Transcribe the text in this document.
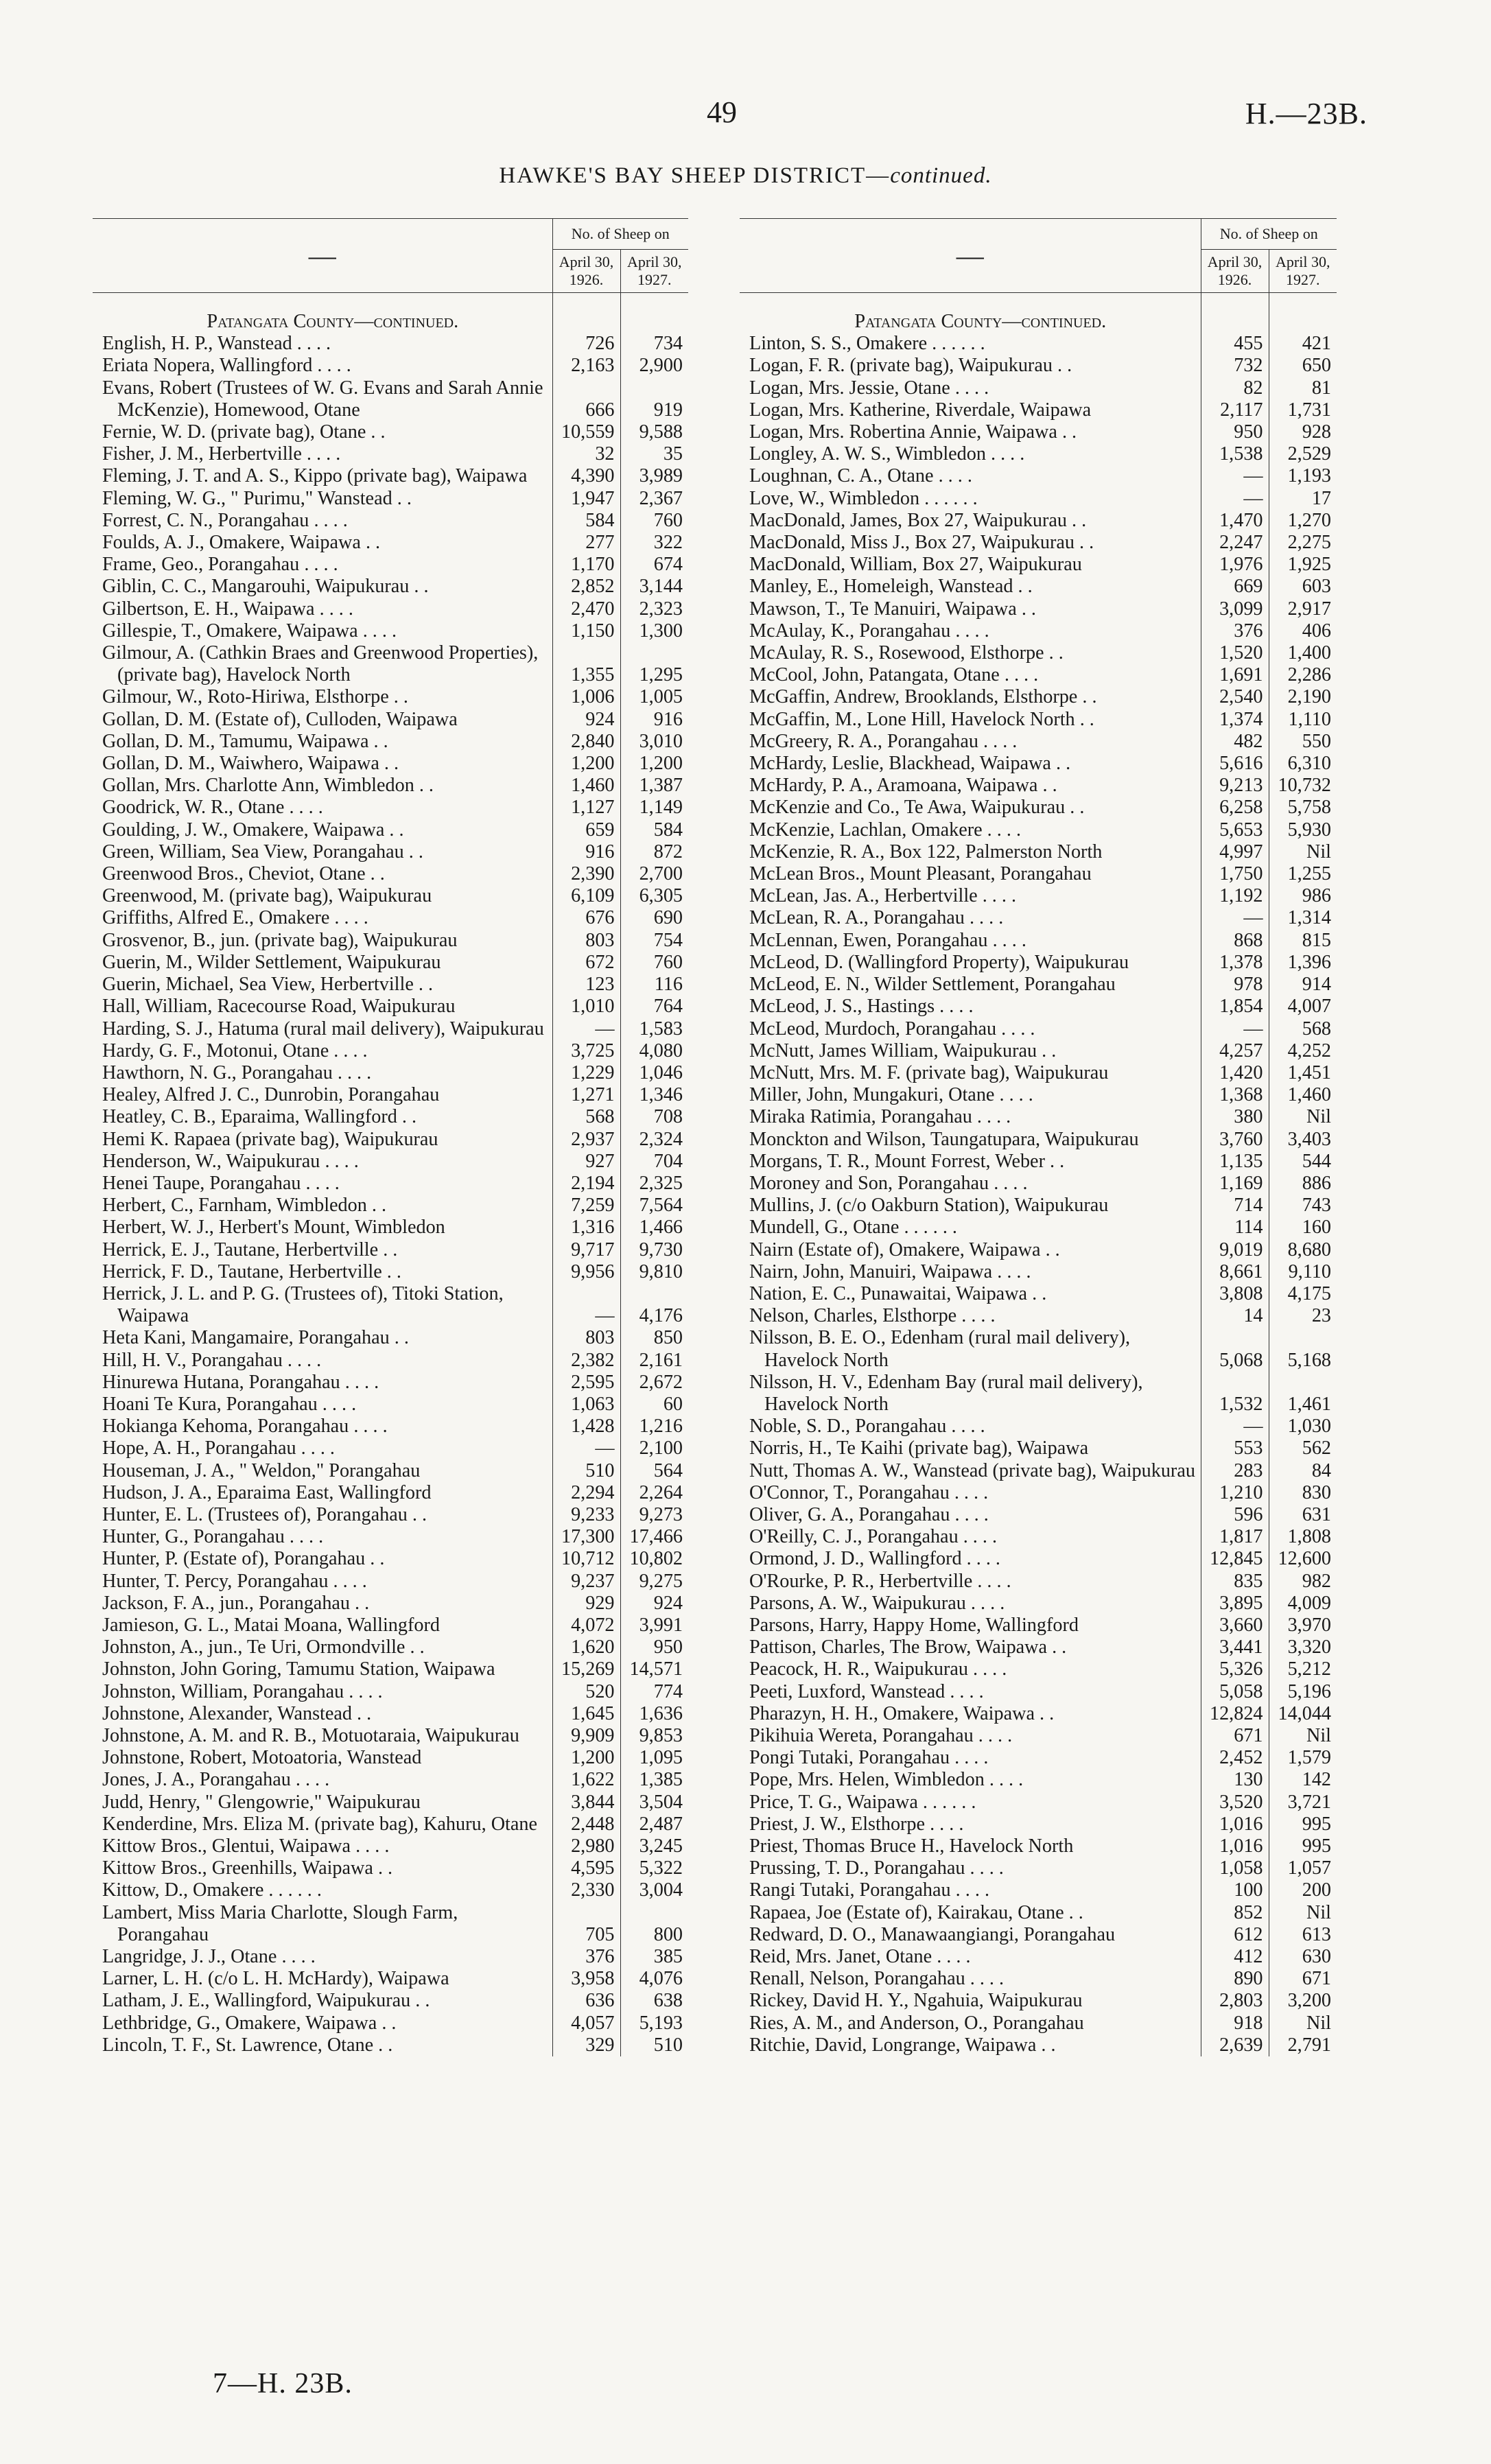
49	H.—23B.
HAWKE'S BAY SHEEP DISTRICT—continued.
—	No. of Sheep on	
	April 30, 1926.	April 30, 1927.

Patangata County—continued.		

English, H. P., Wanstead . . . .	726	734

Eriata Nopera, Wallingford . . . .	2,163	2,900

Evans, Robert (Trustees of W. G. Evans and Sarah Annie McKenzie), Homewood, Otane	666	919

Fernie, W. D. (private bag), Otane . .	10,559	9,588

Fisher, J. M., Herbertville . . . .	32	35

Fleming, J. T. and A. S., Kippo (private bag), Waipawa	4,390	3,989

Fleming, W. G., " Purimu," Wanstead . .	1,947	2,367

Forrest, C. N., Porangahau . . . .	584	760

Foulds, A. J., Omakere, Waipawa . .	277	322

Frame, Geo., Porangahau . . . .	1,170	674

Giblin, C. C., Mangarouhi, Waipukurau . .	2,852	3,144

Gilbertson, E. H., Waipawa . . . .	2,470	2,323

Gillespie, T., Omakere, Waipawa . . . .	1,150	1,300

Gilmour, A. (Cathkin Braes and Greenwood Properties), (private bag), Havelock North	1,355	1,295

Gilmour, W., Roto-Hiriwa, Elsthorpe . .	1,006	1,005

Gollan, D. M. (Estate of), Culloden, Waipawa	924	916

Gollan, D. M., Tamumu, Waipawa . .	2,840	3,010

Gollan, D. M., Waiwhero, Waipawa . .	1,200	1,200

Gollan, Mrs. Charlotte Ann, Wimbledon . .	1,460	1,387

Goodrick, W. R., Otane . . . .	1,127	1,149

Goulding, J. W., Omakere, Waipawa . .	659	584

Green, William, Sea View, Porangahau . .	916	872

Greenwood Bros., Cheviot, Otane . .	2,390	2,700

Greenwood, M. (private bag), Waipukurau	6,109	6,305

Griffiths, Alfred E., Omakere . . . .	676	690

Grosvenor, B., jun. (private bag), Waipukurau	803	754

Guerin, M., Wilder Settlement, Waipukurau	672	760

Guerin, Michael, Sea View, Herbertville . .	123	116

Hall, William, Racecourse Road, Waipukurau	1,010	764

Harding, S. J., Hatuma (rural mail delivery), Waipukurau	—	1,583

Hardy, G. F., Motonui, Otane . . . .	3,725	4,080

Hawthorn, N. G., Porangahau . . . .	1,229	1,046

Healey, Alfred J. C., Dunrobin, Porangahau	1,271	1,346

Heatley, C. B., Eparaima, Wallingford . .	568	708

Hemi K. Rapaea (private bag), Waipukurau	2,937	2,324

Henderson, W., Waipukurau . . . .	927	704

Henei Taupe, Porangahau . . . .	2,194	2,325

Herbert, C., Farnham, Wimbledon . .	7,259	7,564

Herbert, W. J., Herbert's Mount, Wimbledon	1,316	1,466

Herrick, E. J., Tautane, Herbertville . .	9,717	9,730

Herrick, F. D., Tautane, Herbertville . .	9,956	9,810

Herrick, J. L. and P. G. (Trustees of), Titoki Station, Waipawa	—	4,176

Heta Kani, Mangamaire, Porangahau . .	803	850

Hill, H. V., Porangahau . . . .	2,382	2,161

Hinurewa Hutana, Porangahau . . . .	2,595	2,672

Hoani Te Kura, Porangahau . . . .	1,063	60

Hokianga Kehoma, Porangahau . . . .	1,428	1,216

Hope, A. H., Porangahau . . . .	—	2,100

Houseman, J. A., " Weldon," Porangahau	510	564

Hudson, J. A., Eparaima East, Wallingford	2,294	2,264

Hunter, E. L. (Trustees of), Porangahau . .	9,233	9,273

Hunter, G., Porangahau . . . .	17,300	17,466

Hunter, P. (Estate of), Porangahau . .	10,712	10,802

Hunter, T. Percy, Porangahau . . . .	9,237	9,275

Jackson, F. A., jun., Porangahau . .	929	924

Jamieson, G. L., Matai Moana, Wallingford	4,072	3,991

Johnston, A., jun., Te Uri, Ormondville . .	1,620	950

Johnston, John Goring, Tamumu Station, Waipawa	15,269	14,571

Johnston, William, Porangahau . . . .	520	774

Johnstone, Alexander, Wanstead . .	1,645	1,636

Johnstone, A. M. and R. B., Motuotaraia, Waipukurau	9,909	9,853

Johnstone, Robert, Motoatoria, Wanstead	1,200	1,095

Jones, J. A., Porangahau . . . .	1,622	1,385

Judd, Henry, " Glengowrie," Waipukurau	3,844	3,504

Kenderdine, Mrs. Eliza M. (private bag), Kahuru, Otane	2,448	2,487

Kittow Bros., Glentui, Waipawa . . . .	2,980	3,245

Kittow Bros., Greenhills, Waipawa . .	4,595	5,322

Kittow, D., Omakere . . . . . .	2,330	3,004

Lambert, Miss Maria Charlotte, Slough Farm, Porangahau	705	800

Langridge, J. J., Otane . . . .	376	385

Larner, L. H. (c/o L. H. McHardy), Waipawa	3,958	4,076

Latham, J. E., Wallingford, Waipukurau . .	636	638

Lethbridge, G., Omakere, Waipawa . .	4,057	5,193

Lincoln, T. F., St. Lawrence, Otane . .	329	510
—	No. of Sheep on	
	April 30, 1926.	April 30, 1927.

Patangata County—continued.		

Linton, S. S., Omakere . . . . . .	455	421

Logan, F. R. (private bag), Waipukurau . .	732	650

Logan, Mrs. Jessie, Otane . . . .	82	81

Logan, Mrs. Katherine, Riverdale, Waipawa	2,117	1,731

Logan, Mrs. Robertina Annie, Waipawa . .	950	928

Longley, A. W. S., Wimbledon . . . .	1,538	2,529

Loughnan, C. A., Otane . . . .	—	1,193

Love, W., Wimbledon . . . . . .	—	17

MacDonald, James, Box 27, Waipukurau . .	1,470	1,270

MacDonald, Miss J., Box 27, Waipukurau . .	2,247	2,275

MacDonald, William, Box 27, Waipukurau	1,976	1,925

Manley, E., Homeleigh, Wanstead . .	669	603

Mawson, T., Te Manuiri, Waipawa . .	3,099	2,917

McAulay, K., Porangahau . . . .	376	406

McAulay, R. S., Rosewood, Elsthorpe . .	1,520	1,400

McCool, John, Patangata, Otane . . . .	1,691	2,286

McGaffin, Andrew, Brooklands, Elsthorpe . .	2,540	2,190

McGaffin, M., Lone Hill, Havelock North . .	1,374	1,110

McGreery, R. A., Porangahau . . . .	482	550

McHardy, Leslie, Blackhead, Waipawa . .	5,616	6,310

McHardy, P. A., Aramoana, Waipawa . .	9,213	10,732

McKenzie and Co., Te Awa, Waipukurau . .	6,258	5,758

McKenzie, Lachlan, Omakere . . . .	5,653	5,930

McKenzie, R. A., Box 122, Palmerston North	4,997	Nil

McLean Bros., Mount Pleasant, Porangahau	1,750	1,255

McLean, Jas. A., Herbertville . . . .	1,192	986

McLean, R. A., Porangahau . . . .	—	1,314

McLennan, Ewen, Porangahau . . . .	868	815

McLeod, D. (Wallingford Property), Waipukurau	1,378	1,396

McLeod, E. N., Wilder Settlement, Porangahau	978	914

McLeod, J. S., Hastings . . . .	1,854	4,007

McLeod, Murdoch, Porangahau . . . .	—	568

McNutt, James William, Waipukurau . .	4,257	4,252

McNutt, Mrs. M. F. (private bag), Waipukurau	1,420	1,451

Miller, John, Mungakuri, Otane . . . .	1,368	1,460

Miraka Ratimia, Porangahau . . . .	380	Nil

Monckton and Wilson, Taungatupara, Waipukurau	3,760	3,403

Morgans, T. R., Mount Forrest, Weber . .	1,135	544

Moroney and Son, Porangahau . . . .	1,169	886

Mullins, J. (c/o Oakburn Station), Waipukurau	714	743

Mundell, G., Otane . . . . . .	114	160

Nairn (Estate of), Omakere, Waipawa . .	9,019	8,680

Nairn, John, Manuiri, Waipawa . . . .	8,661	9,110

Nation, E. C., Punawaitai, Waipawa . .	3,808	4,175

Nelson, Charles, Elsthorpe . . . .	14	23

Nilsson, B. E. O., Edenham (rural mail delivery), Havelock North	5,068	5,168

Nilsson, H. V., Edenham Bay (rural mail delivery), Havelock North	1,532	1,461

Noble, S. D., Porangahau . . . .	—	1,030

Norris, H., Te Kaihi (private bag), Waipawa	553	562

Nutt, Thomas A. W., Wanstead (private bag), Waipukurau	283	84

O'Connor, T., Porangahau . . . .	1,210	830

Oliver, G. A., Porangahau . . . .	596	631

O'Reilly, C. J., Porangahau . . . .	1,817	1,808

Ormond, J. D., Wallingford . . . .	12,845	12,600

O'Rourke, P. R., Herbertville . . . .	835	982

Parsons, A. W., Waipukurau . . . .	3,895	4,009

Parsons, Harry, Happy Home, Wallingford	3,660	3,970

Pattison, Charles, The Brow, Waipawa . .	3,441	3,320

Peacock, H. R., Waipukurau . . . .	5,326	5,212

Peeti, Luxford, Wanstead . . . .	5,058	5,196

Pharazyn, H. H., Omakere, Waipawa . .	12,824	14,044

Pikihuia Wereta, Porangahau . . . .	671	Nil

Pongi Tutaki, Porangahau . . . .	2,452	1,579

Pope, Mrs. Helen, Wimbledon . . . .	130	142

Price, T. G., Waipawa . . . . . .	3,520	3,721

Priest, J. W., Elsthorpe . . . .	1,016	995

Priest, Thomas Bruce H., Havelock North	1,016	995

Prussing, T. D., Porangahau . . . .	1,058	1,057

Rangi Tutaki, Porangahau . . . .	100	200

Rapaea, Joe (Estate of), Kairakau, Otane . .	852	Nil

Redward, D. O., Manawaangiangi, Porangahau	612	613

Reid, Mrs. Janet, Otane . . . .	412	630

Renall, Nelson, Porangahau . . . .	890	671

Rickey, David H. Y., Ngahuia, Waipukurau	2,803	3,200

Ries, A. M., and Anderson, O., Porangahau	918	Nil

Ritchie, David, Longrange, Waipawa . .	2,639	2,791
7—H. 23B.
